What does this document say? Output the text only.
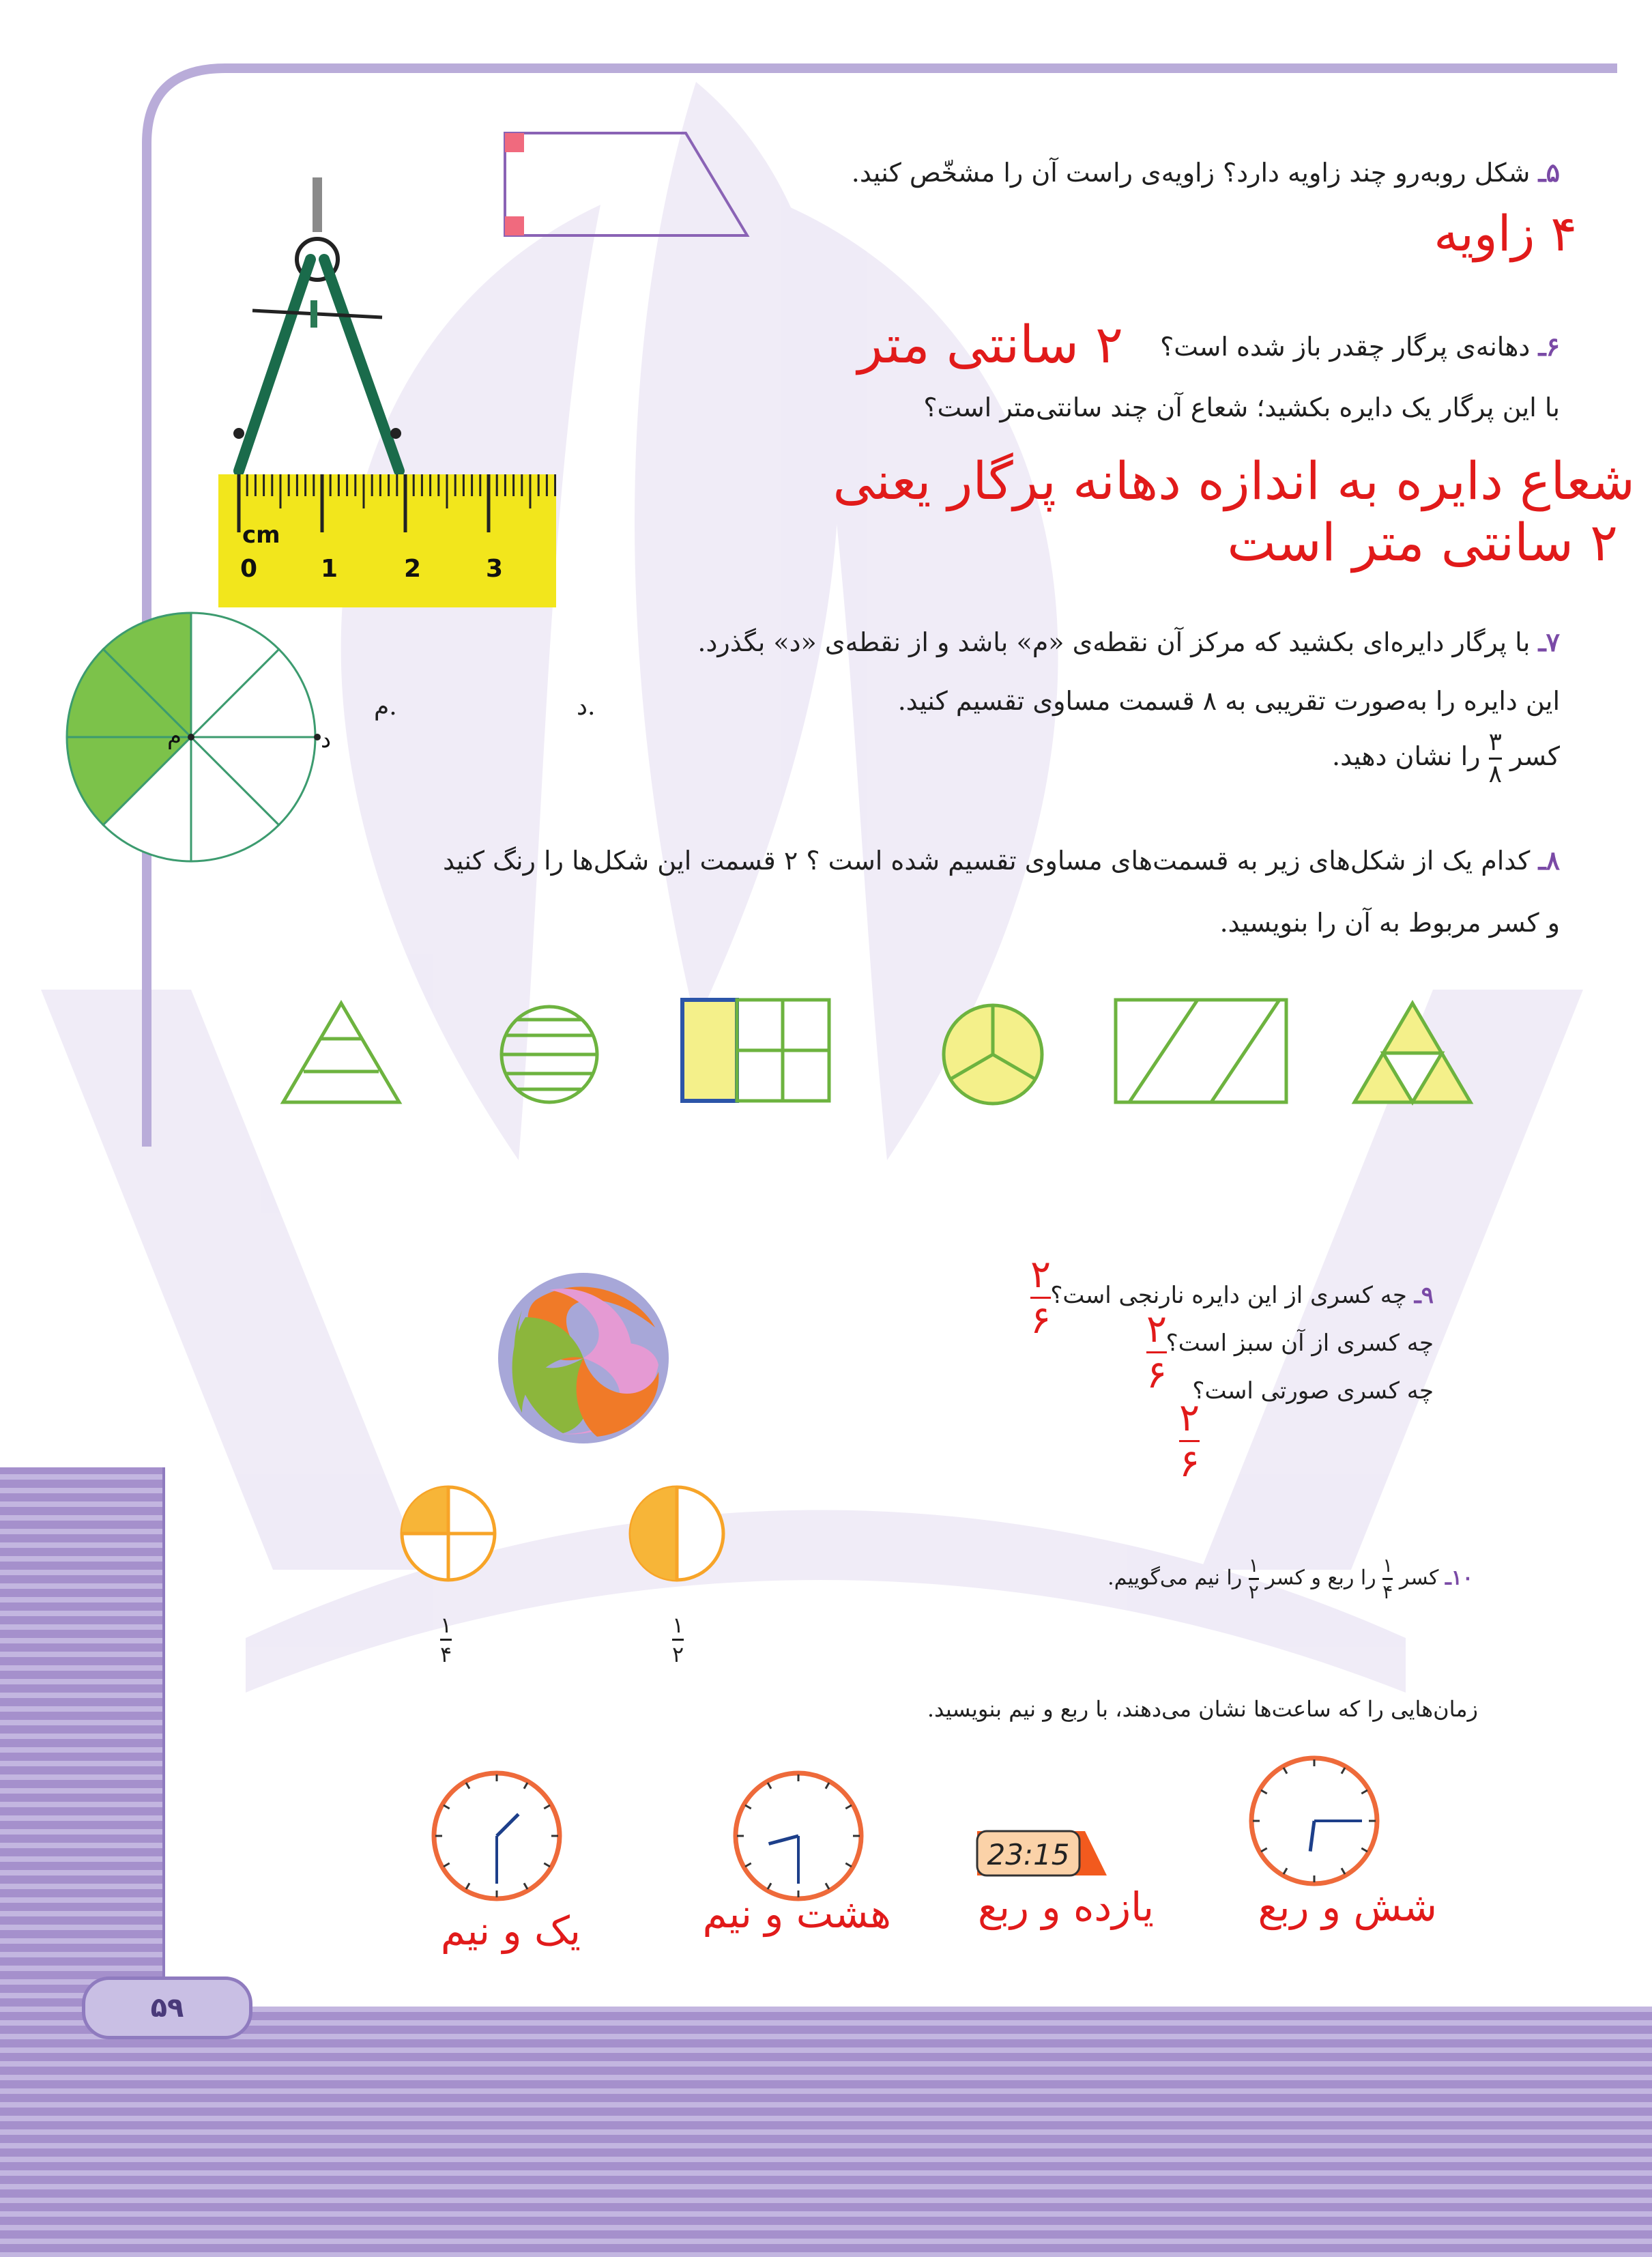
۵ـ شکل روبه‌رو چند زاویه دارد؟ زاویه‌ی راست آن را مشخّص کنید.
۴ زاویه
cm
0	1	2	3
۶ـ دهانه‌ی پرگار چقدر باز شده است؟
۲ سانتی متر
با این پرگار یک دایره بکشید؛ شعاع آن چند سانتی‌متر است؟
شعاع دایره به اندازه دهانه پرگار یعنی
۲ سانتی متر است
م	د
م.	د.
۷ـ با پرگار دایره‌ای بکشید که مرکز آن نقطه‌ی «م» باشد و از نقطه‌ی «د» بگذرد.
این دایره را به‌صورت تقریبی به ۸ قسمت مساوی تقسیم کنید.
کسر
$\frac{۳}{۸}$
را نشان دهید.
۸ـ کدام یک از شکل‌های زیر به قسمت‌های مساوی تقسیم شده است ؟ ۲ قسمت این شکل‌ها را رنگ کنید
و کسر مربوط به آن را بنویسید.
۹ـ چه کسری از این دایره نارنجی است؟
چه کسری از آن سبز است؟
چه کسری صورتی است؟
۲
۶ ۲
۶
۲
۶
۱
۴
۱
۲
۱۰ـ کسر
$\frac{۱}{۴}$
را ربع و کسر
$\frac{۱}{۲}$
را نیم می‌گوییم.
زمان‌هایی را که ساعت‌ها نشان می‌دهند، با ربع و نیم بنویسید.
23:15
شش و ربع
یازده و ربع
هشت و نیم
یک و نیم
۵۹
